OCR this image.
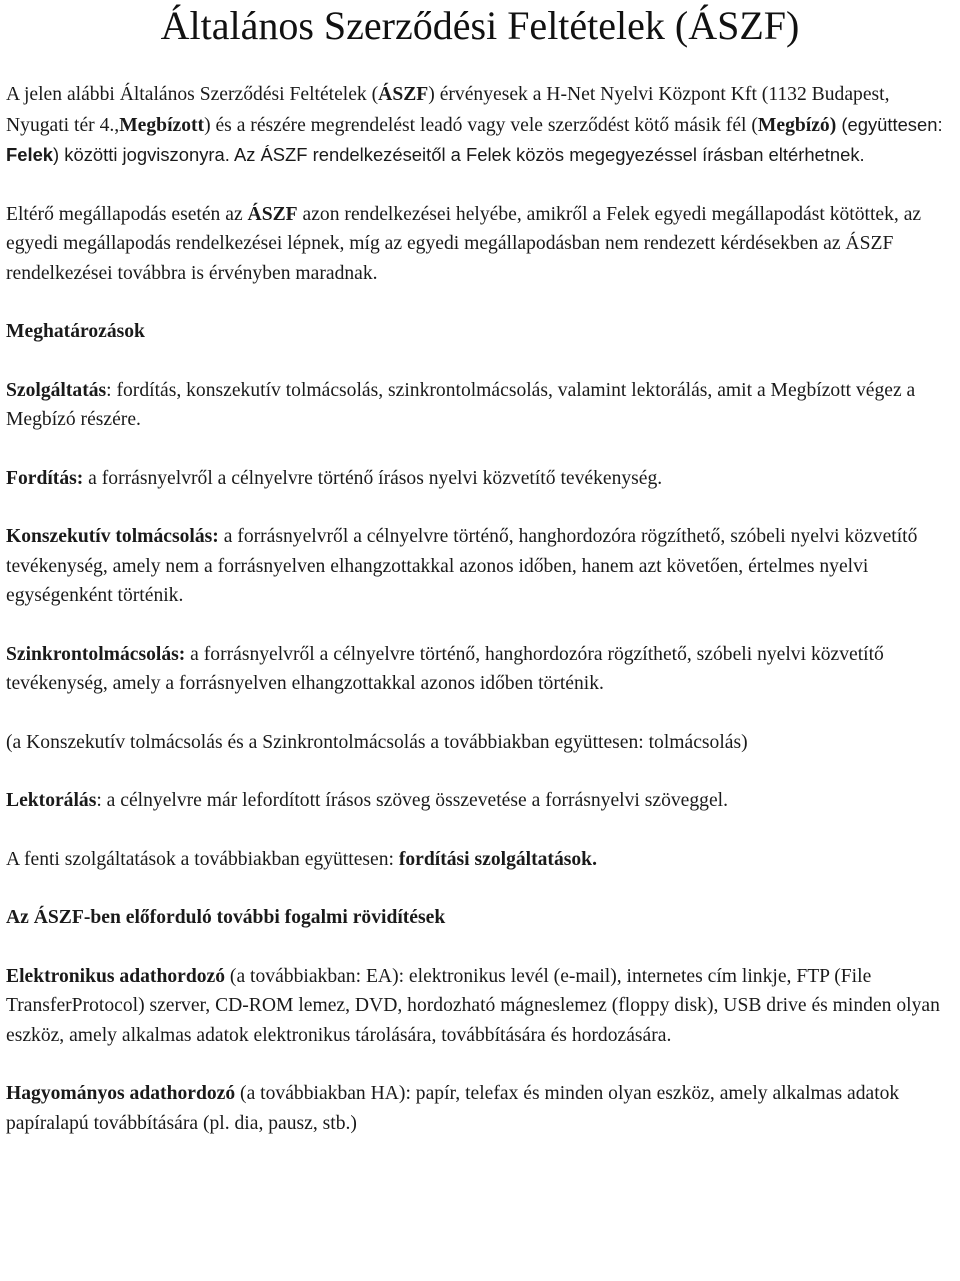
Általános Szerződési Feltételek (ÁSZF)

A jelen alábbi Általános Szerződési Feltételek (ÁSZF) érvényesek a H-Net Nyelvi Központ Kft (1132 Budapest, Nyugati tér 4.,Megbízott) és a részére megrendelést leadó vagy vele szerződést kötő másik fél (Megbízó) (együttesen: Felek) közötti jogviszonyra. Az ÁSZF rendelkezéseitől a Felek közös megegyezéssel írásban eltérhetnek.

Eltérő megállapodás esetén az ÁSZF azon rendelkezései helyébe, amikről a Felek egyedi megállapodást kötöttek, az egyedi megállapodás rendelkezései lépnek, míg az egyedi megállapodásban nem rendezett kérdésekben az ÁSZF rendelkezései továbbra is érvényben maradnak.

Meghatározások

Szolgáltatás: fordítás, konszekutív tolmácsolás, szinkrontolmácsolás, valamint lektorálás, amit a Megbízott végez a Megbízó részére.

Fordítás: a forrásnyelvről a célnyelvre történő írásos nyelvi közvetítő tevékenység.

Konszekutív tolmácsolás: a forrásnyelvről a célnyelvre történő, hanghordozóra rögzíthető, szóbeli nyelvi közvetítő tevékenység, amely nem a forrásnyelven elhangzottakkal azonos időben, hanem azt követően, értelmes nyelvi egységenként történik.

Szinkrontolmácsolás: a forrásnyelvről a célnyelvre történő, hanghordozóra rögzíthető, szóbeli nyelvi közvetítő tevékenység, amely a forrásnyelven elhangzottakkal azonos időben történik.

(a Konszekutív tolmácsolás és a Szinkrontolmácsolás a továbbiakban együttesen: tolmácsolás)

Lektorálás: a célnyelvre már lefordított írásos szöveg összevetése a forrásnyelvi szöveggel.

A fenti szolgáltatások a továbbiakban együttesen: fordítási szolgáltatások.

Az ÁSZF-ben előforduló további fogalmi rövidítések

Elektronikus adathordozó (a továbbiakban: EA): elektronikus levél (e-mail), internetes cím linkje, FTP (File TransferProtocol) szerver, CD-ROM lemez, DVD, hordozható mágneslemez (floppy disk), USB drive és minden olyan eszköz, amely alkalmas adatok elektronikus tárolására, továbbítására és hordozására.

Hagyományos adathordozó (a továbbiakban HA): papír, telefax és minden olyan eszköz, amely alkalmas adatok papíralapú továbbítására (pl. dia, pausz, stb.)
